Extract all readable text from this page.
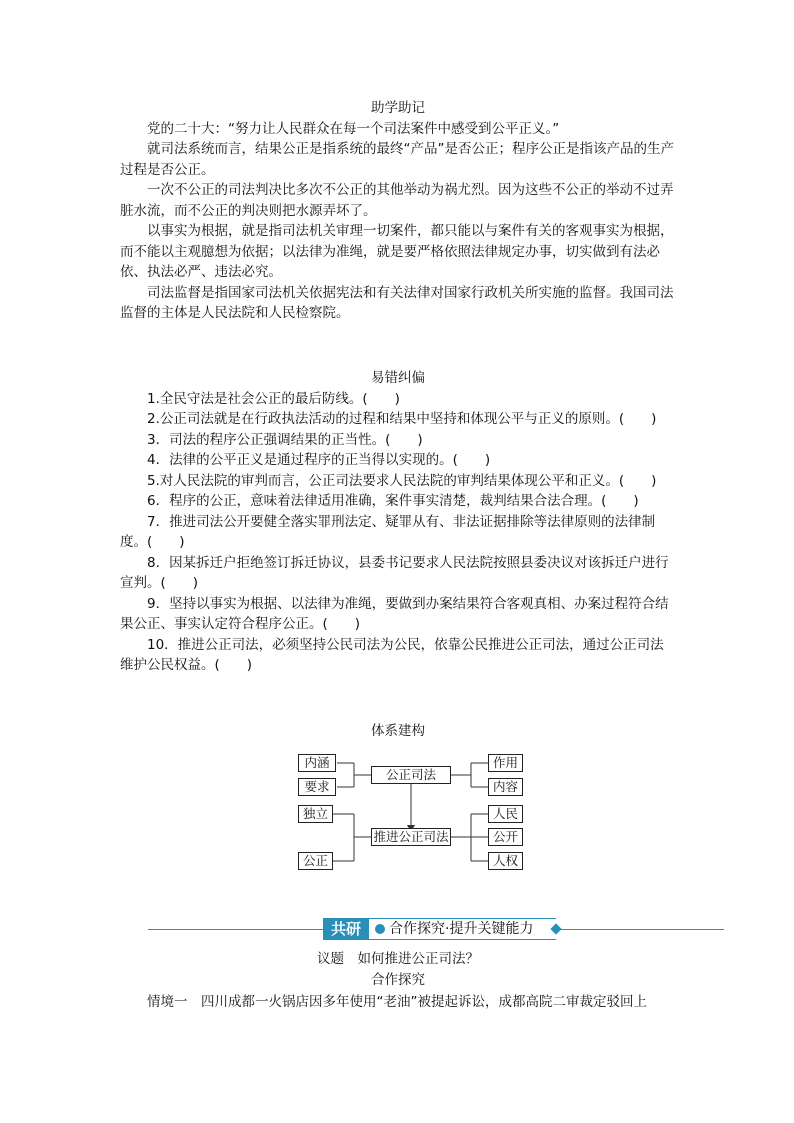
助学助记

党的二十大：“努力让人民群众在每一个司法案件中感受到公平正义。”

就司法系统而言，结果公正是指系统的最终“产品”是否公正；程序公正是指该产品的生产过程是否公正。

一次不公正的司法判决比多次不公正的其他举动为祸尤烈。因为这些不公正的举动不过弄脏水流，而不公正的判决则把水源弄坏了。

以事实为根据，就是指司法机关审理一切案件，都只能以与案件有关的客观事实为根据，而不能以主观臆想为依据；以法律为准绳，就是要严格依照法律规定办事，切实做到有法必依、执法必严、违法必究。

司法监督是指国家司法机关依据宪法和有关法律对国家行政机关所实施的监督。我国司法监督的主体是人民法院和人民检察院。

易错纠偏

1.全民守法是社会公正的最后防线。(　　)

2.公正司法就是在行政执法活动的过程和结果中坚持和体现公平与正义的原则。(　　)

3．司法的程序公正强调结果的正当性。(　　)

4．法律的公平正义是通过程序的正当得以实现的。(　　)

5.对人民法院的审判而言，公正司法要求人民法院的审判结果体现公平和正义。(　　)

6．程序的公正，意味着法律适用准确，案件事实清楚，裁判结果合法合理。(　　)

7．推进司法公开要健全落实罪刑法定、疑罪从有、非法证据排除等法律原则的法律制度。(　　)

8．因某拆迁户拒绝签订拆迁协议，县委书记要求人民法院按照县委决议对该拆迁户进行宣判。(　　)

9．坚持以事实为根据、以法律为准绳，要做到办案结果符合客观真相、办案过程符合结果公正、事实认定符合程序公正。(　　)

10．推进公正司法，必须坚持公民司法为公民，依靠公民推进公正司法，通过公正司法维护公民权益。(　　)

体系建构
内涵
要求
公正司法
作用
内容
独立
公正
推进公正司法
人民
公开
人权
共研	合作探究·提升关键能力
议题　如何推进公正司法？
合作探究
情境一　四川成都一火锅店因多年使用“老油”被提起诉讼，成都高院二审裁定驳回上
